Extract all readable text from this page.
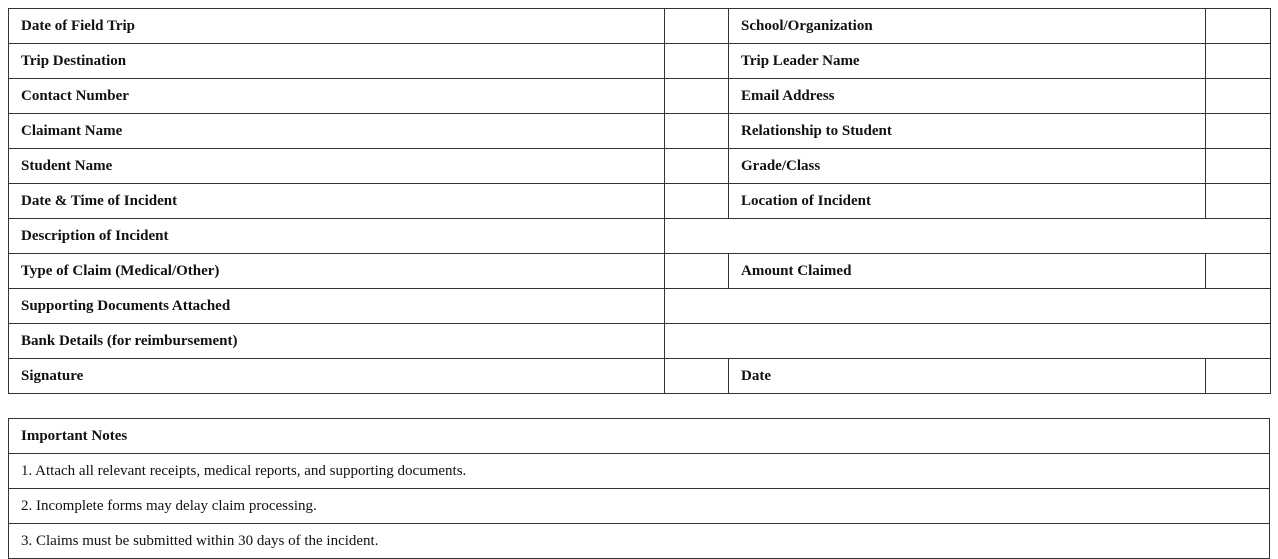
Date of Field Trip		School/Organization	
Trip Destination		Trip Leader Name	
Contact Number		Email Address	
Claimant Name		Relationship to Student	
Student Name		Grade/Class	
Date & Time of Incident		Location of Incident	
Description of Incident			
Type of Claim (Medical/Other)		Amount Claimed	
Supporting Documents Attached			
Bank Details (for reimbursement)			
Signature		Date	
Important Notes
1. Attach all relevant receipts, medical reports, and supporting documents.
2. Incomplete forms may delay claim processing.
3. Claims must be submitted within 30 days of the incident.
